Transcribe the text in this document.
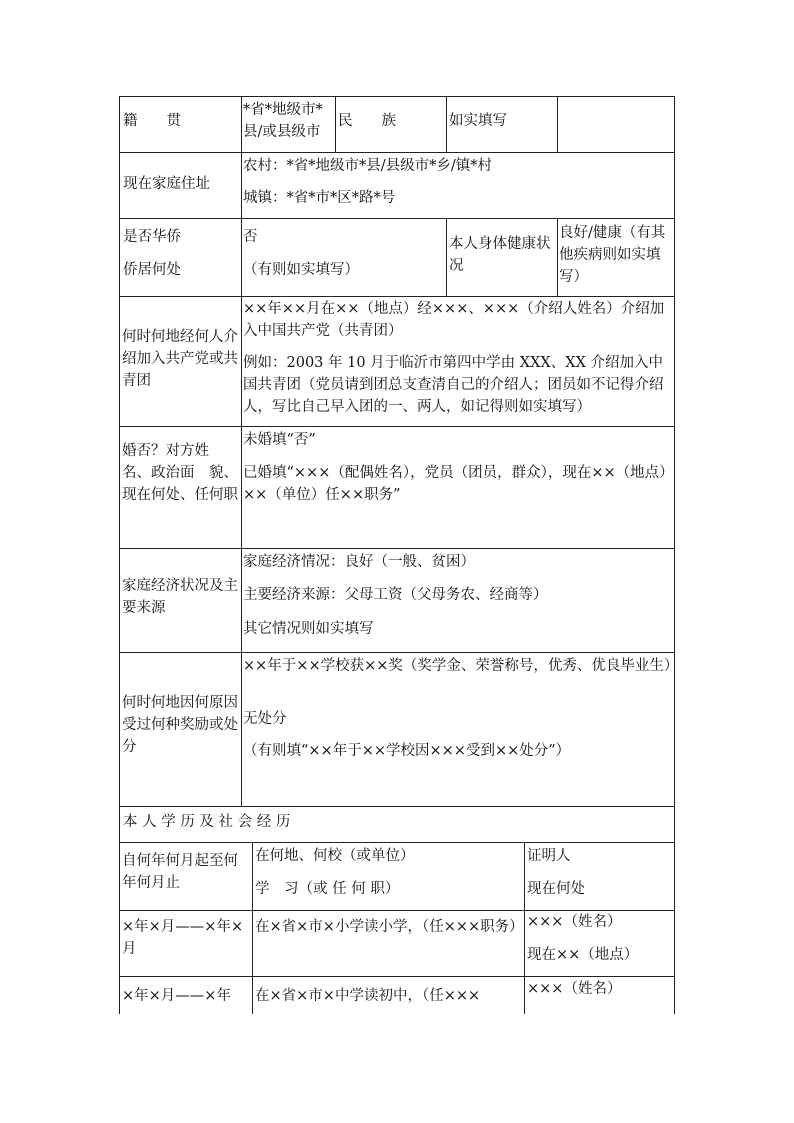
籍　　贯
*省*地级市*县/或县级市
民　　族	如实填写
现在家庭住址
农村：*省*地级市*县/县级市*乡/镇*村
城镇：*省*市*区*路*号
是否华侨
侨居何处
否
（有则如实填写）
本人身体健康状况
良好/健康（有其他疾病则如实填写）
何时何地经何人介绍加入共产党或共青团
××年××月在××（地点）经×××、×××（介绍人姓名）介绍加入中国共产党（共青团）
例如：2003 年 10 月于临沂市第四中学由 XXX、XX 介绍加入中国共青团（党员请到团总支查清自己的介绍人；团员如不记得介绍人，写比自己早入团的一、两人，如记得则如实填写）
婚否？对方姓　　名、政治面　貌、　现在何处、任何职
未婚填“否”
已婚填“×××（配偶姓名），党员（团员，群众），现在××（地点）××（单位）任××职务”
家庭经济状况及主要来源
家庭经济情况：良好（一般、贫困）
主要经济来源：父母工资（父母务农、经商等）
其它情况则如实填写
何时何地因何原因受过何种奖励或处分
××年于××学校获××奖（奖学金、荣誉称号，优秀、优良毕业生）
无处分
（有则填“××年于××学校因×××受到××处分”）
本 人 学 历 及 社 会 经 历
自何年何月起至何年何月止
在何地、何校（或单位）
学　习（或 任 何 职）
证明人
现在何处
×年×月——×年×月
在×省×市×小学读小学，（任×××职务） ×××（姓名）
现在××（地点）
×年×月——×年 在×省×市×中学读初中，（任×××	×××（姓名）
